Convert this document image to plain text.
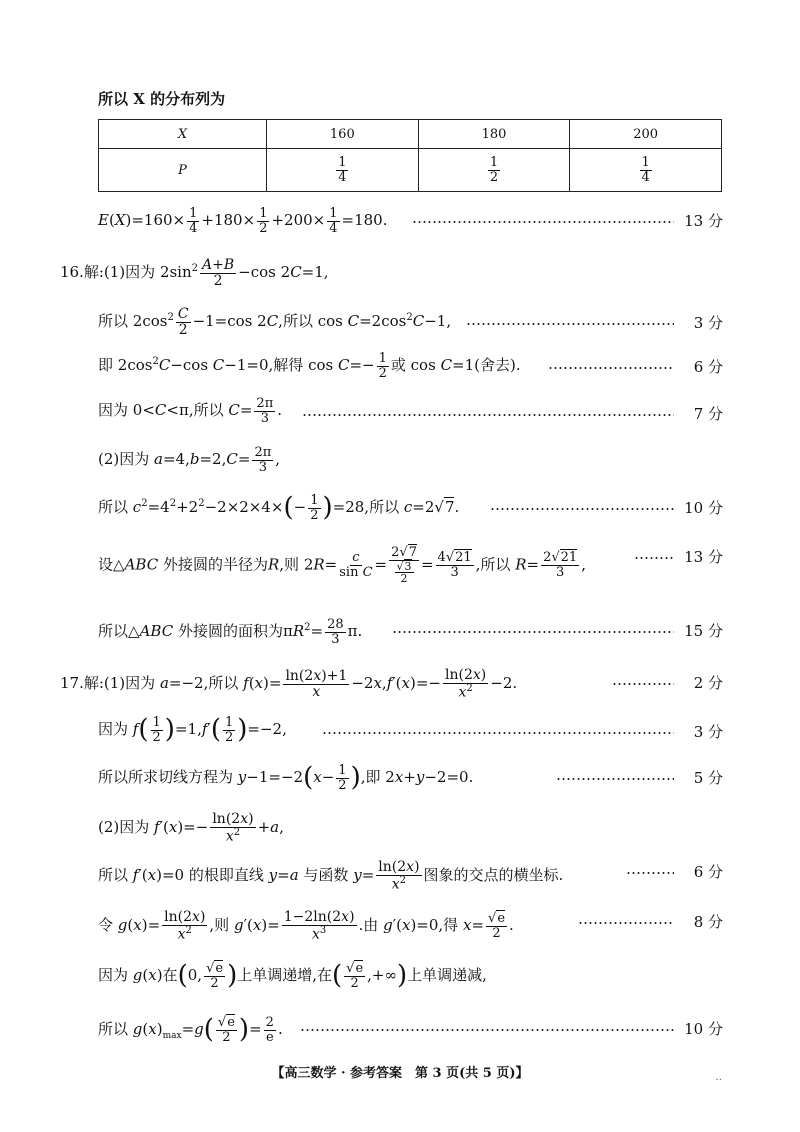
所以 X 的分布列为
X	160	180	200
P	$\frac{1}{4}$	$\frac{1}{2}$	$\frac{1}{4}$
$E(X)=160\times \frac{1}{4} +180\times \frac{1}{2} +200\times \frac{1}{4} =180$.	13 分
16.解:(1)因为 $2\sin^2 \frac{A+B}{2} -\cos$ 2C=1,
所以 $2\cos^2 \frac{C}{2} -1=\cos$ 2C,所以 $\cos C=2\cos^2C-1$,	3 分
即 $2\cos^2C-\cos$ C−1=0,解得 $\cos C=- \frac{1}{2}$ 或 cos C=1(舍去).	6 分
因为 0<C<π,所以 $C= \frac{2\pi}{3}$ .	7 分
(2)因为 $a=4,b=2,C= \frac{2\pi}{3}$ ,
所以 $c^2=4^2+2^2-2\times 2\times 4\times(- \frac{1}{2} )=28$,所以 c=2√7.	10 分
设△ABC 外接圆的半径为R,则 $2R= \frac{c}{\text{sin C}}$ =
2√7
√3
2
= $\frac{4√21}{3}$ ,所以 $R= \frac{2√21}{3}$ ,	13 分
所以△ABC 外接圆的面积为$\pi R^2= \frac{28}{3} \pi$.	15 分
17.解:(1)因为 a=−2,所以 $f(x)= \frac{\ln(2x)+1}{x} -2x,f'(x)=- \frac{\ln(2x)}{x^2} -2$.	2 分
因为 $f( \frac{1}{2} )=1,f'( \frac{1}{2} )=-2$,	3 分
所以所求切线方程为 $y-1=-2(x- \frac{1}{2}$ ),即 2x+y−2=0.	5 分
(2)因为 $f'(x)=- \frac{\ln(2x)}{x^2} +a$,
所以 f′(x)=0 的根即直线 y=a 与函数 $y= \frac{\ln(2x)}{x^2}$ 图象的交点的横坐标.	6 分
令 $g(x)= \frac{\ln(2x)}{x^2}$ ,则 $g'(x)= \frac{1-2\ln(2x)}{x^3}$ .由 g′(x)=0,得 $x= \frac{√e}{2}$ .	8 分
因为 g(x)在(0, $\frac{√e}{2}$ )上单调递增,在( $\frac{√e}{2}$ ,+∞)上单调递减,
所以 $g(x)_{max}=g( \frac{√e}{2}$ )= $\frac{2}{e}$ .	10 分
【高三数学 · 参考答案　第 3 页(共 5 页)】	‥
